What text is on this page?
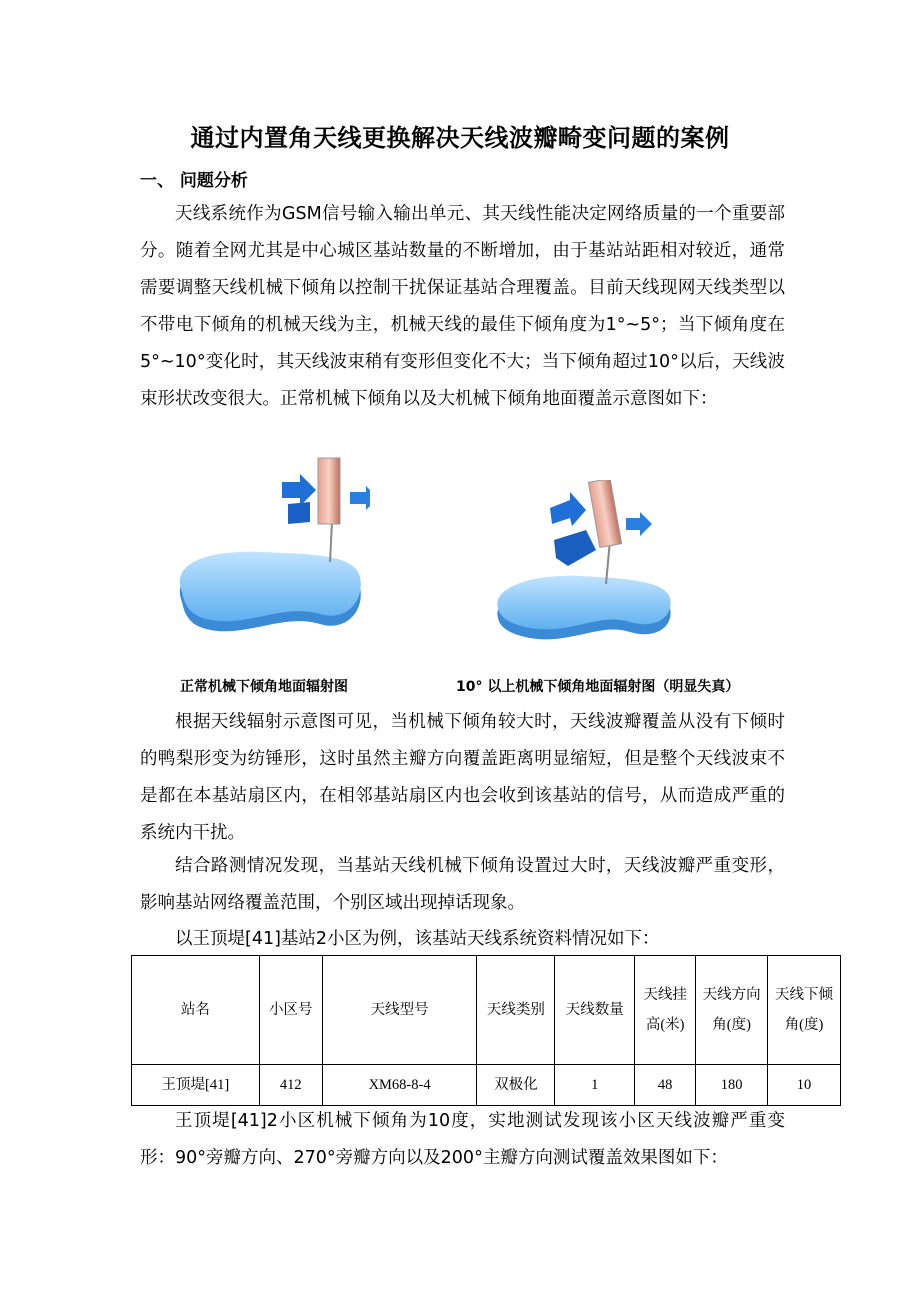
通过内置角天线更换解决天线波瓣畸变问题的案例
一、 问题分析
天线系统作为GSM信号输入输出单元、其天线性能决定网络质量的一个重要部分。随着全网尤其是中心城区基站数量的不断增加，由于基站站距相对较近，通常需要调整天线机械下倾角以控制干扰保证基站合理覆盖。目前天线现网天线类型以不带电下倾角的机械天线为主，机械天线的最佳下倾角度为1°~5°；当下倾角度在5°~10°变化时，其天线波束稍有变形但变化不大；当下倾角超过10°以后，天线波束形状改变很大。正常机械下倾角以及大机械下倾角地面覆盖示意图如下：
正常机械下倾角地面辐射图	10° 以上机械下倾角地面辐射图（明显失真）
根据天线辐射示意图可见，当机械下倾角较大时，天线波瓣覆盖从没有下倾时的鸭梨形变为纺锤形，这时虽然主瓣方向覆盖距离明显缩短，但是整个天线波束不是都在本基站扇区内，在相邻基站扇区内也会收到该基站的信号，从而造成严重的系统内干扰。
结合路测情况发现，当基站天线机械下倾角设置过大时，天线波瓣严重变形，影响基站网络覆盖范围，个别区域出现掉话现象。
以王顶堤[41]基站2小区为例，该基站天线系统资料情况如下：
站名	小区号	天线型号	天线类别	天线数量	天线挂高(米)	天线方向角(度)	天线下倾角(度)
王顶堤[41]	412	XM68-8-4	双极化	1	48	180	10
王顶堤[41]2小区机械下倾角为10度，实地测试发现该小区天线波瓣严重变形：90°旁瓣方向、270°旁瓣方向以及200°主瓣方向测试覆盖效果图如下：
